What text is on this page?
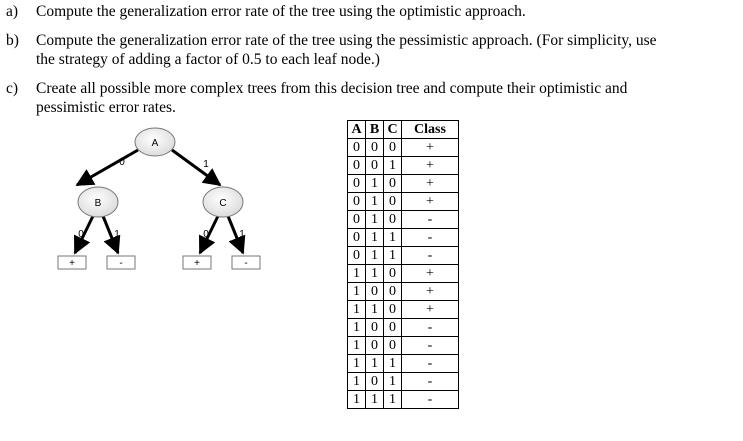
a) Compute the generalization error rate of the tree using the optimistic approach.
b) Compute the generalization error rate of the tree using the pessimistic approach. (For simplicity, use
the strategy of adding a factor of 0.5 to each leaf node.)
c) Create all possible more complex trees from this decision tree and compute their optimistic and
pessimistic error rates.
0	1
0	1	0	1
A
B	C
+	-	+	-
A	B	C	Class
0	0	0	+
0	0	1	+
0	1	0	+
0	1	0	+
0	1	0	-
0	1	1	-
0	1	1	-
1	1	0	+
1	0	0	+
1	1	0	+
1	0	0	-
1	0	0	-
1	1	1	-
1	0	1	-
1	1	1	-
